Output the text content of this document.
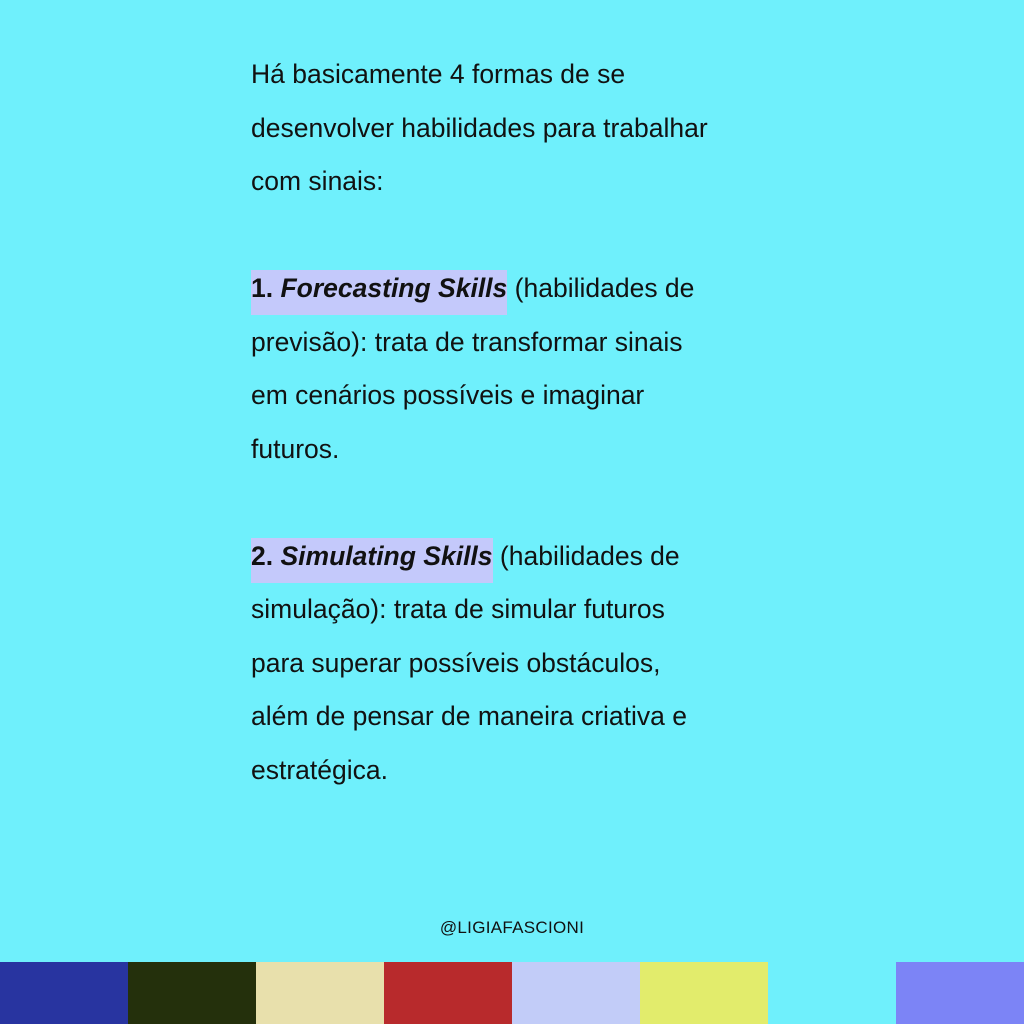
Há basicamente 4 formas de se
desenvolver habilidades para trabalhar
com sinais:

1. Forecasting Skills (habilidades de
previsão): trata de transformar sinais
em cenários possíveis e imaginar
futuros.

2. Simulating Skills (habilidades de
simulação): trata de simular futuros
para superar possíveis obstáculos,
além de pensar de maneira criativa e
estratégica.

@LIGIAFASCIONI
